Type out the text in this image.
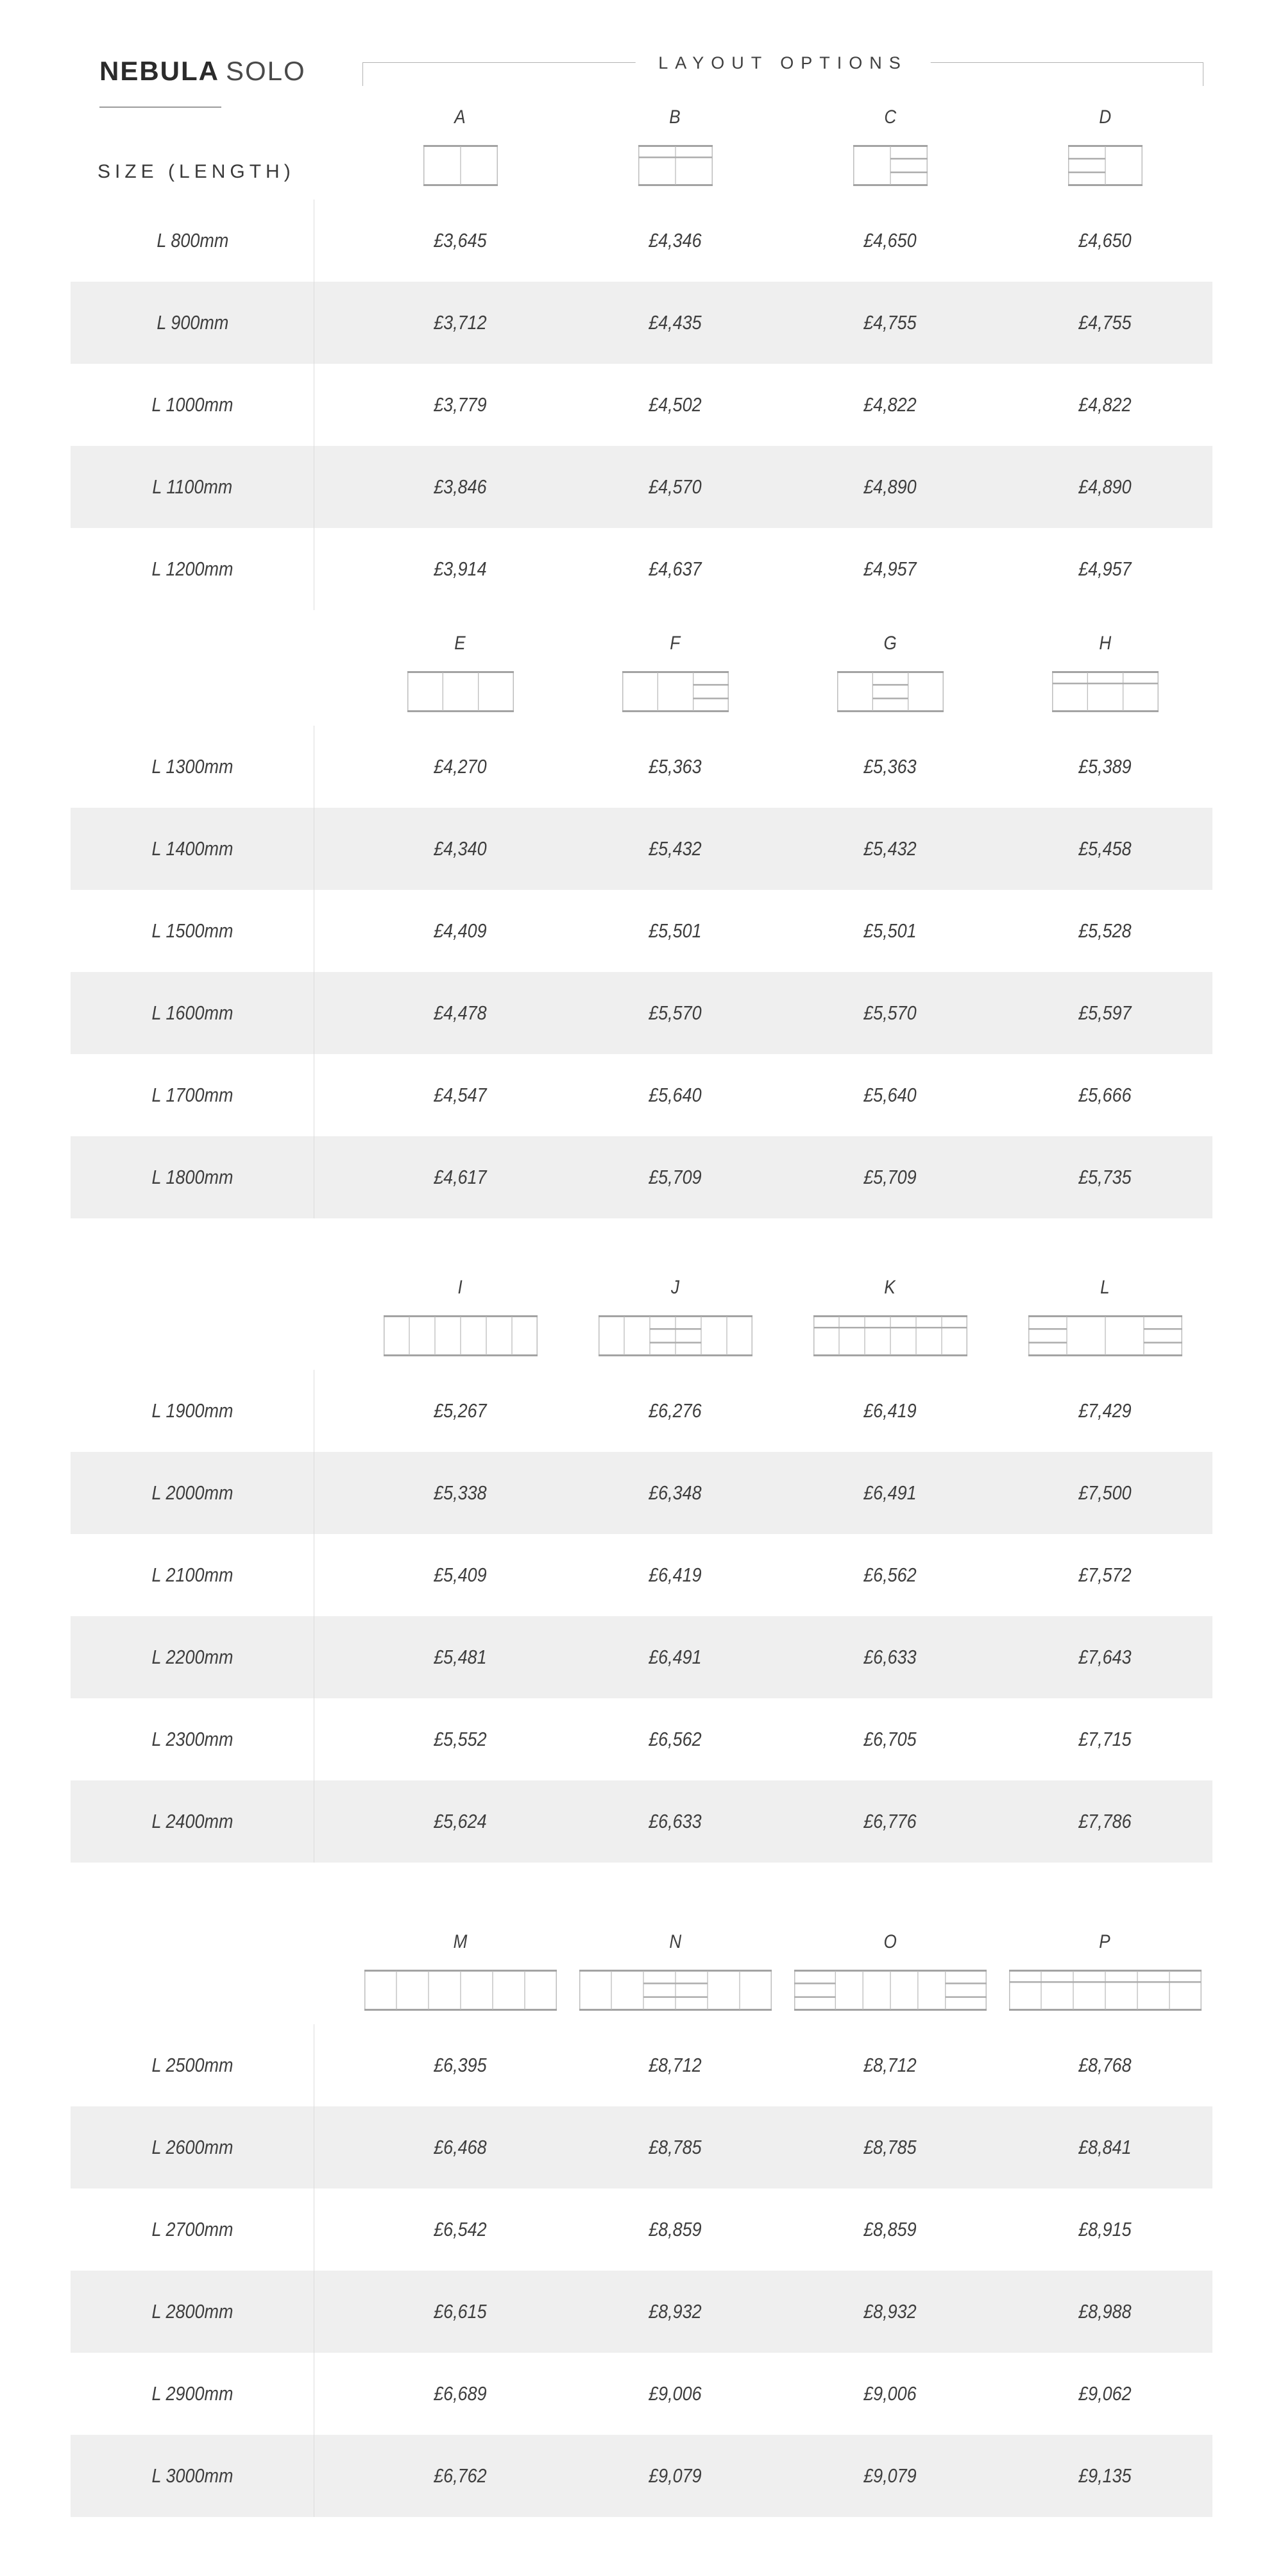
NEBULA SOLO	LAYOUT OPTIONS
SIZE (LENGTH)
A	B	C	D
L 800mm	£3,645	£4,346	£4,650	£4,650
L 900mm	£3,712	£4,435	£4,755	£4,755
L 1000mm	£3,779	£4,502	£4,822	£4,822
L 1100mm	£3,846	£4,570	£4,890	£4,890
L 1200mm	£3,914	£4,637	£4,957	£4,957
E	F	G	H
L 1300mm	£4,270	£5,363	£5,363	£5,389
L 1400mm	£4,340	£5,432	£5,432	£5,458
L 1500mm	£4,409	£5,501	£5,501	£5,528
L 1600mm	£4,478	£5,570	£5,570	£5,597
L 1700mm	£4,547	£5,640	£5,640	£5,666
L 1800mm	£4,617	£5,709	£5,709	£5,735
I	J	K	L
L 1900mm	£5,267	£6,276	£6,419	£7,429
L 2000mm	£5,338	£6,348	£6,491	£7,500
L 2100mm	£5,409	£6,419	£6,562	£7,572
L 2200mm	£5,481	£6,491	£6,633	£7,643
L 2300mm	£5,552	£6,562	£6,705	£7,715
L 2400mm	£5,624	£6,633	£6,776	£7,786
M	N	O	P
L 2500mm	£6,395	£8,712	£8,712	£8,768
L 2600mm	£6,468	£8,785	£8,785	£8,841
L 2700mm	£6,542	£8,859	£8,859	£8,915
L 2800mm	£6,615	£8,932	£8,932	£8,988
L 2900mm	£6,689	£9,006	£9,006	£9,062
L 3000mm	£6,762	£9,079	£9,079	£9,135
